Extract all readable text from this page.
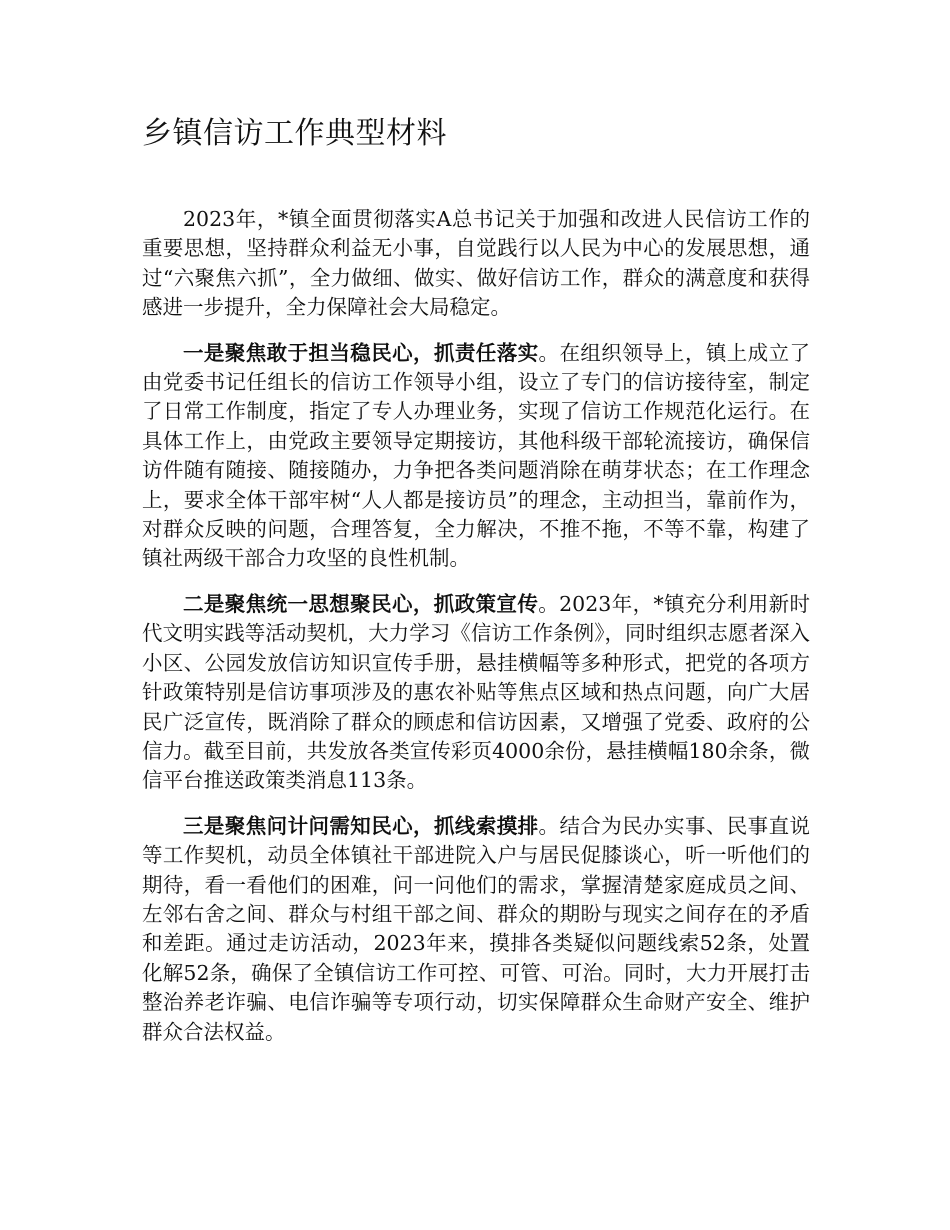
乡镇信访工作典型材料

2023年，*镇全面贯彻落实A总书记关于加强和改进人民信访工作的重要思想，坚持群众利益无小事，自觉践行以人民为中心的发展思想，通过“六聚焦六抓”，全力做细、做实、做好信访工作，群众的满意度和获得感进一步提升，全力保障社会大局稳定。

一是聚焦敢于担当稳民心，抓责任落实。在组织领导上，镇上成立了由党委书记任组长的信访工作领导小组，设立了专门的信访接待室，制定了日常工作制度，指定了专人办理业务，实现了信访工作规范化运行。在具体工作上，由党政主要领导定期接访，其他科级干部轮流接访，确保信访件随有随接、随接随办，力争把各类问题消除在萌芽状态；在工作理念上，要求全体干部牢树“人人都是接访员”的理念，主动担当，靠前作为，对群众反映的问题，合理答复，全力解决，不推不拖，不等不靠，构建了镇社两级干部合力攻坚的良性机制。

二是聚焦统一思想聚民心，抓政策宣传。2023年，*镇充分利用新时代文明实践等活动契机，大力学习《信访工作条例》，同时组织志愿者深入小区、公园发放信访知识宣传手册，悬挂横幅等多种形式，把党的各项方针政策特别是信访事项涉及的惠农补贴等焦点区域和热点问题，向广大居民广泛宣传，既消除了群众的顾虑和信访因素，又增强了党委、政府的公信力。截至目前，共发放各类宣传彩页4000余份，悬挂横幅180余条，微信平台推送政策类消息113条。

三是聚焦问计问需知民心，抓线索摸排。结合为民办实事、民事直说等工作契机，动员全体镇社干部进院入户与居民促膝谈心，听一听他们的期待，看一看他们的困难，问一问他们的需求，掌握清楚家庭成员之间、左邻右舍之间、群众与村组干部之间、群众的期盼与现实之间存在的矛盾和差距。通过走访活动，2023年来，摸排各类疑似问题线索52条，处置化解52条，确保了全镇信访工作可控、可管、可治。同时，大力开展打击整治养老诈骗、电信诈骗等专项行动，切实保障群众生命财产安全、维护群众合法权益。
